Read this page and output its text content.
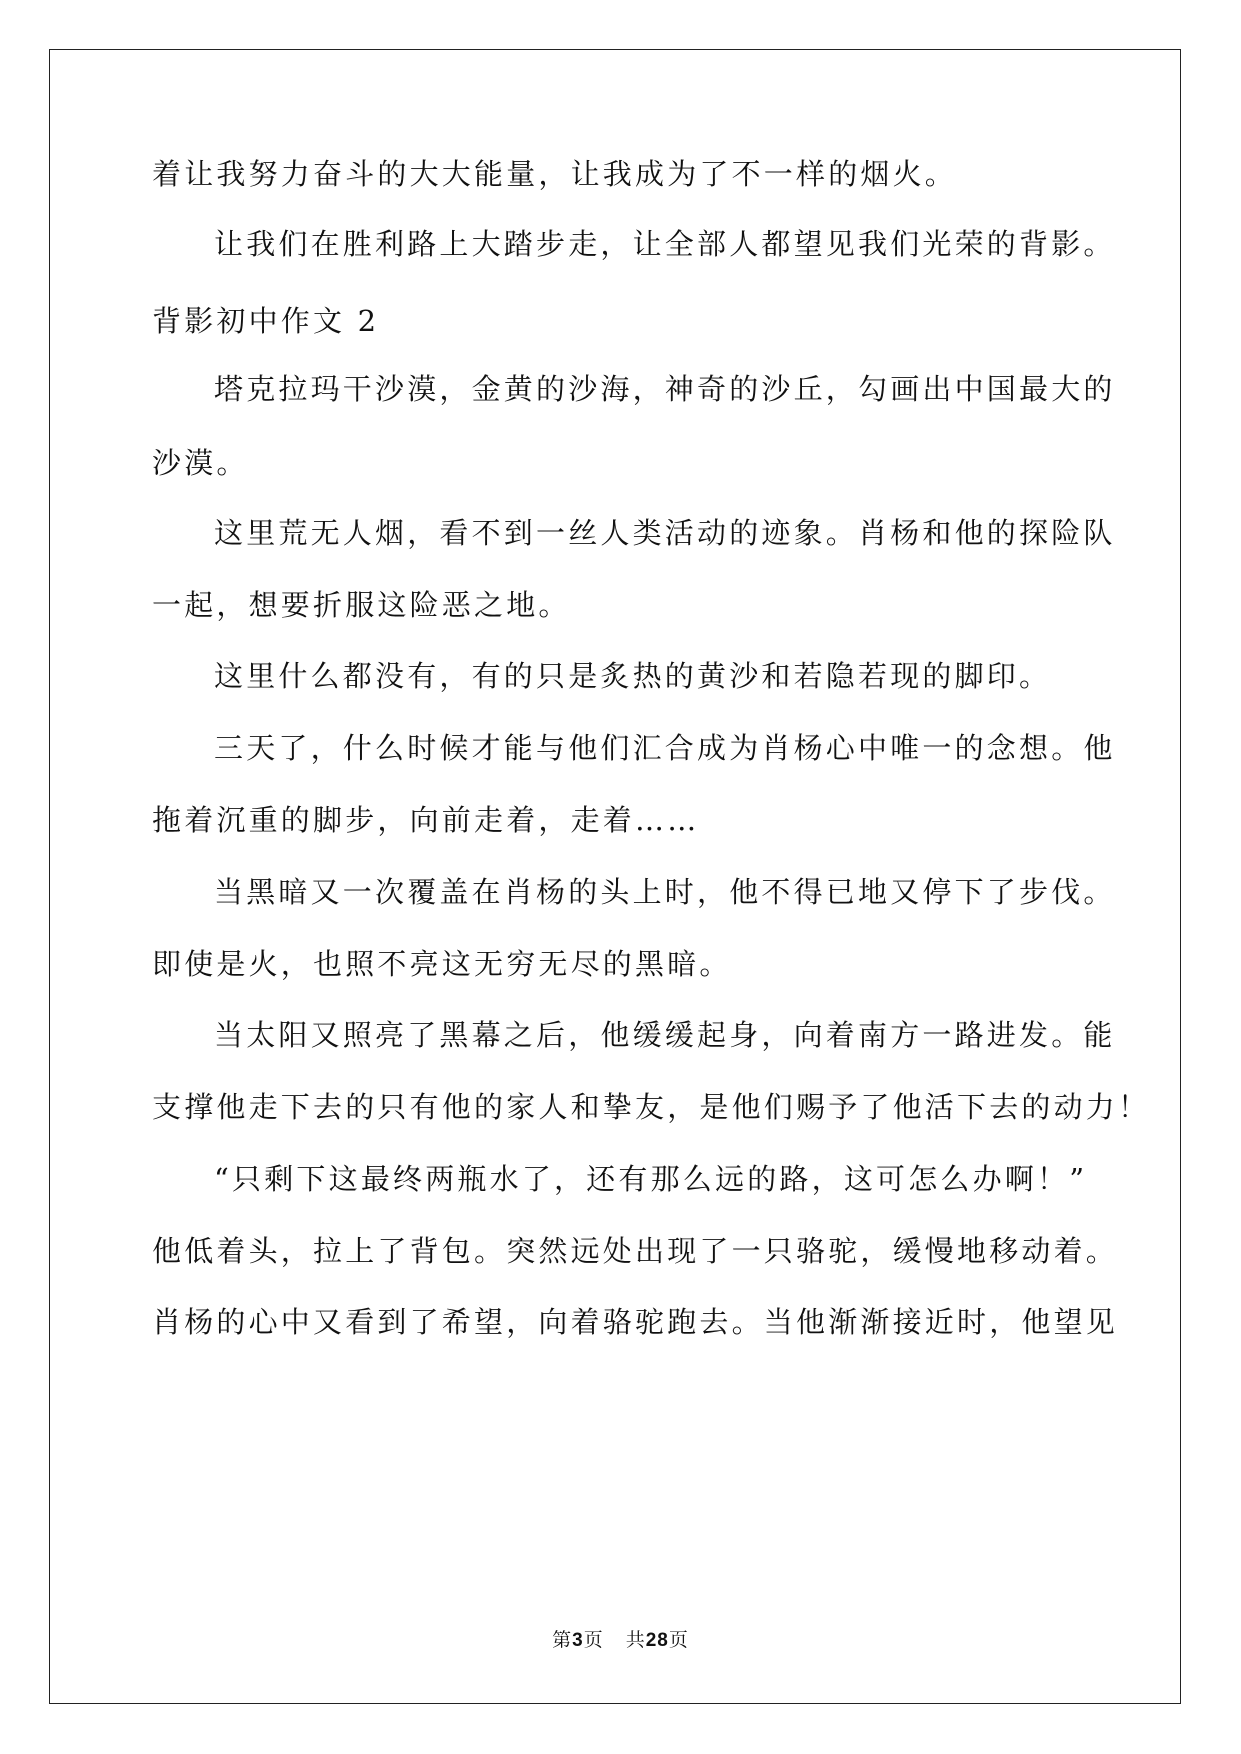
着让我努力奋斗的大大能量，让我成为了不一样的烟火。
让我们在胜利路上大踏步走，让全部人都望见我们光荣的背影。
背影初中作文 2
塔克拉玛干沙漠，金黄的沙海，神奇的沙丘，勾画出中国最大的
沙漠。
这里荒无人烟，看不到一丝人类活动的迹象。肖杨和他的探险队
一起，想要折服这险恶之地。
这里什么都没有，有的只是炙热的黄沙和若隐若现的脚印。
三天了，什么时候才能与他们汇合成为肖杨心中唯一的念想。他
拖着沉重的脚步，向前走着，走着……
当黑暗又一次覆盖在肖杨的头上时，他不得已地又停下了步伐。
即使是火，也照不亮这无穷无尽的黑暗。
当太阳又照亮了黑幕之后，他缓缓起身，向着南方一路进发。能
支撑他走下去的只有他的家人和挚友，是他们赐予了他活下去的动力！
“只剩下这最终两瓶水了，还有那么远的路，这可怎么办啊！”
他低着头，拉上了背包。突然远处出现了一只骆驼，缓慢地移动着。
肖杨的心中又看到了希望，向着骆驼跑去。当他渐渐接近时，他望见
第3页 共28页
